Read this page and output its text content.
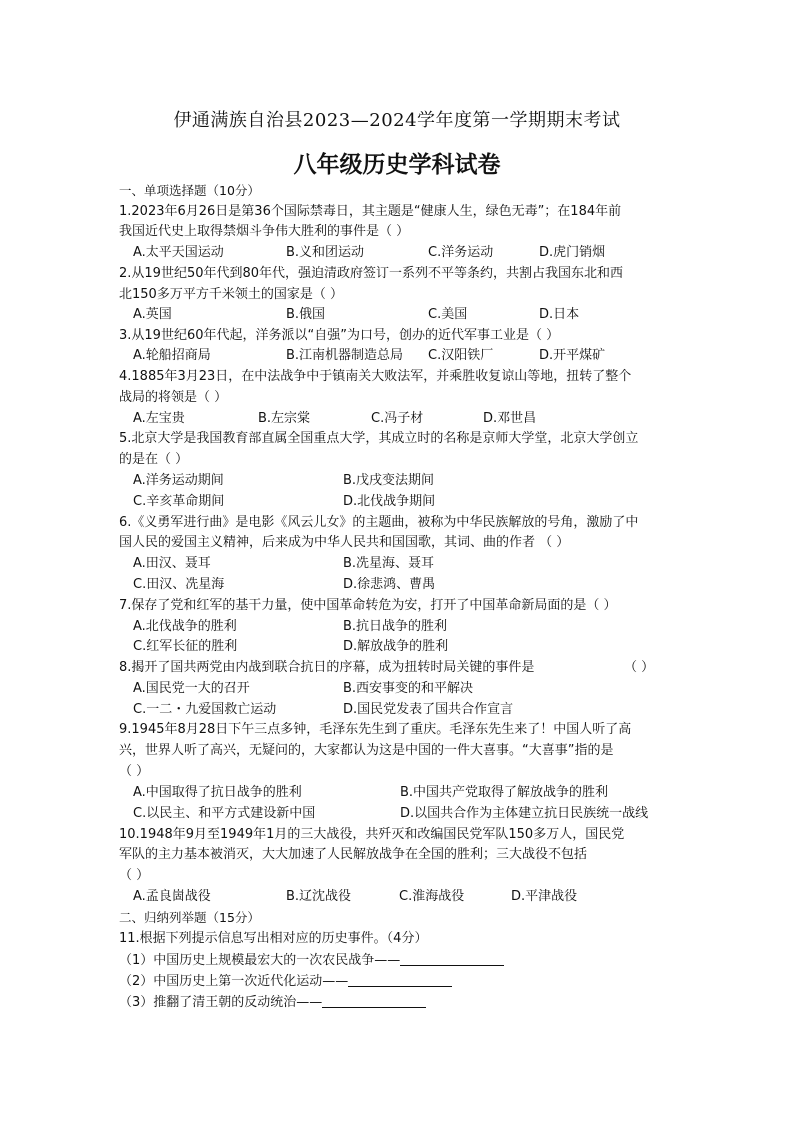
伊通满族自治县2023—2024学年度第一学期期末考试
八年级历史学科试卷
一、单项选择题（10分）
1.2023年6月26日是第36个国际禁毒日，其主题是“健康人生，绿色无毒”；在184年前
我国近代史上取得禁烟斗争伟大胜利的事件是（ ）
A.太平天国运动	B.义和团运动	C.洋务运动	D.虎门销烟
2.从19世纪50年代到80年代，强迫清政府签订一系列不平等条约，共割占我国东北和西
北150多万平方千米领土的国家是（ ）
A.英国	B.俄国	C.美国	D.日本
3.从19世纪60年代起，洋务派以“自强”为口号，创办的近代军事工业是（ ）
A.轮船招商局	B.江南机器制造总局 C.汉阳铁厂	D.开平煤矿
4.1885年3月23日，在中法战争中于镇南关大败法军，并乘胜收复谅山等地，扭转了整个
战局的将领是（ ）
A.左宝贵	B.左宗棠	C.冯子材	D.邓世昌
5.北京大学是我国教育部直属全国重点大学，其成立时的名称是京师大学堂，北京大学创立
的是在（ ）
A.洋务运动期间	B.戊戌变法期间
C.辛亥革命期间	D.北伐战争期间
6.《义勇军进行曲》是电影《风云儿女》的主题曲，被称为中华民族解放的号角，激励了中
国人民的爱国主义精神，后来成为中华人民共和国国歌，其词、曲的作者 （ ）
A.田汉、聂耳	B.冼星海、聂耳
C.田汉、冼星海	D.徐悲鸿、曹禺
7.保存了党和红军的基干力量，使中国革命转危为安，打开了中国革命新局面的是（ ）
A.北伐战争的胜利	B.抗日战争的胜利
C.红军长征的胜利	D.解放战争的胜利
8.揭开了国共两党由内战到联合抗日的序幕，成为扭转时局关键的事件是	（ ）
A.国民党一大的召开	B.西安事变的和平解决
C.一二・九爱国救亡运动	D.国民党发表了国共合作宣言
9.1945年8月28日下午三点多钟，毛泽东先生到了重庆。毛泽东先生来了！中国人听了高
兴，世界人听了高兴，无疑问的，大家都认为这是中国的一件大喜事。“大喜事”指的是
（ ）
A.中国取得了抗日战争的胜利	B.中国共产党取得了解放战争的胜利
C.以民主、和平方式建设新中国	D.以国共合作为主体建立抗日民族统一战线
10.1948年9月至1949年1月的三大战役，共歼灭和改编国民党军队150多万人，国民党
军队的主力基本被消灭，大大加速了人民解放战争在全国的胜利；三大战役不包括
（ ）
A.孟良崮战役	B.辽沈战役	C.淮海战役	D.平津战役
二、归纳列举题（15分）
11.根据下列提示信息写出相对应的历史事件。（4分）
（1）中国历史上规模最宏大的一次农民战争——
（2）中国历史上第一次近代化运动——
（3）推翻了清王朝的反动统治——
